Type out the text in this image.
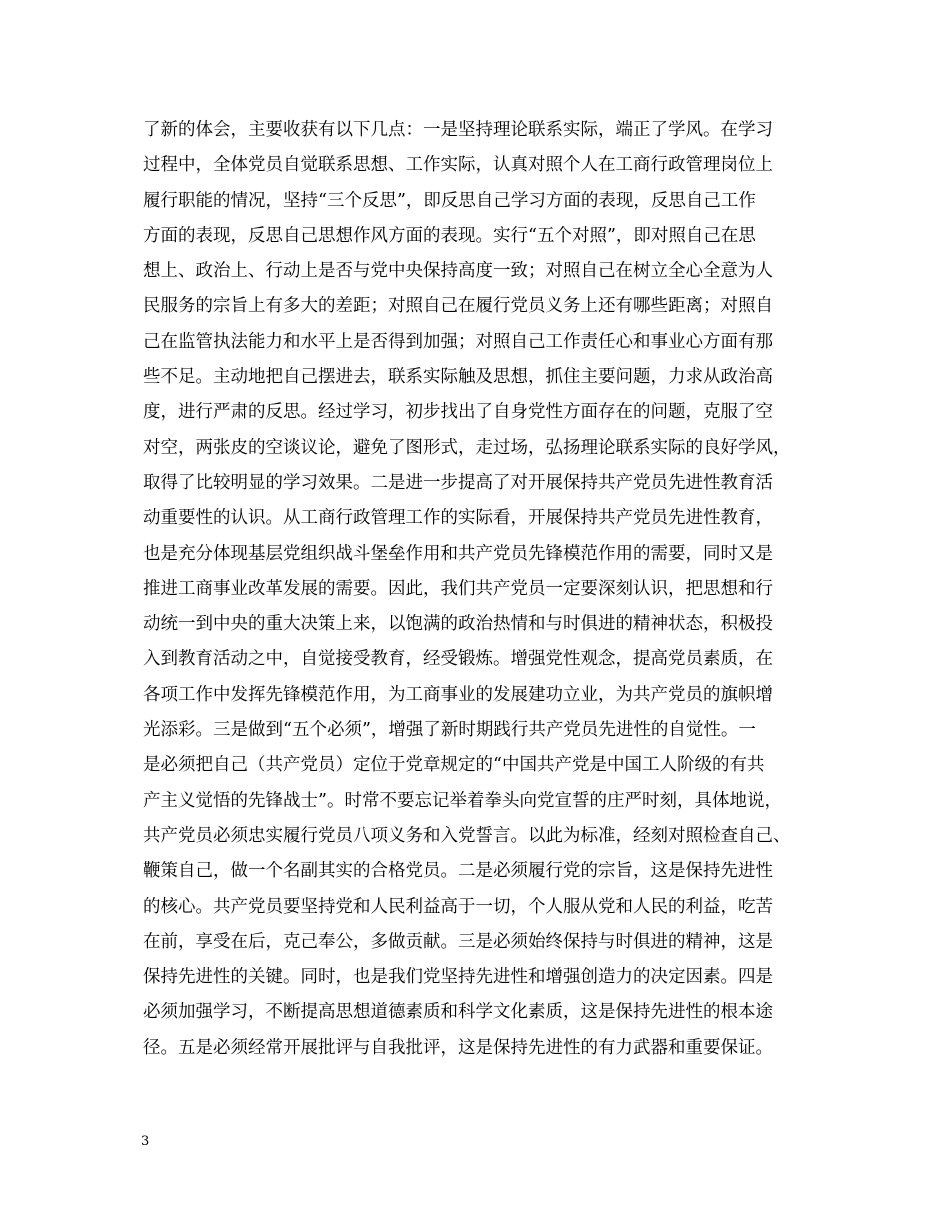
了新的体会，主要收获有以下几点：一是坚持理论联系实际，端正了学风。在学习
过程中，全体党员自觉联系思想、工作实际，认真对照个人在工商行政管理岗位上
履行职能的情况，坚持“三个反思”，即反思自己学习方面的表现，反思自己工作
方面的表现，反思自己思想作风方面的表现。实行“五个对照”，即对照自己在思
想上、政治上、行动上是否与党中央保持高度一致；对照自己在树立全心全意为人
民服务的宗旨上有多大的差距；对照自己在履行党员义务上还有哪些距离；对照自
己在监管执法能力和水平上是否得到加强；对照自己工作责任心和事业心方面有那
些不足。主动地把自己摆进去，联系实际触及思想，抓住主要问题，力求从政治高
度，进行严肃的反思。经过学习，初步找出了自身党性方面存在的问题，克服了空
对空，两张皮的空谈议论，避免了图形式，走过场，弘扬理论联系实际的良好学风，
取得了比较明显的学习效果。二是进一步提高了对开展保持共产党员先进性教育活
动重要性的认识。从工商行政管理工作的实际看，开展保持共产党员先进性教育，
也是充分体现基层党组织战斗堡垒作用和共产党员先锋模范作用的需要，同时又是
推进工商事业改革发展的需要。因此，我们共产党员一定要深刻认识，把思想和行
动统一到中央的重大决策上来，以饱满的政治热情和与时俱进的精神状态，积极投
入到教育活动之中，自觉接受教育，经受锻炼。增强党性观念，提高党员素质，在
各项工作中发挥先锋模范作用，为工商事业的发展建功立业，为共产党员的旗帜增
光添彩。三是做到“五个必须”，增强了新时期践行共产党员先进性的自觉性。一
是必须把自己（共产党员）定位于党章规定的“中国共产党是中国工人阶级的有共
产主义觉悟的先锋战士”。时常不要忘记举着拳头向党宣誓的庄严时刻，具体地说，
共产党员必须忠实履行党员八项义务和入党誓言。以此为标准，经刻对照检查自己、
鞭策自己，做一个名副其实的合格党员。二是必须履行党的宗旨，这是保持先进性
的核心。共产党员要坚持党和人民利益高于一切，个人服从党和人民的利益，吃苦
在前，享受在后，克己奉公，多做贡献。三是必须始终保持与时俱进的精神，这是
保持先进性的关键。同时，也是我们党坚持先进性和增强创造力的决定因素。四是
必须加强学习，不断提高思想道德素质和科学文化素质，这是保持先进性的根本途
径。五是必须经常开展批评与自我批评，这是保持先进性的有力武器和重要保证。
3
